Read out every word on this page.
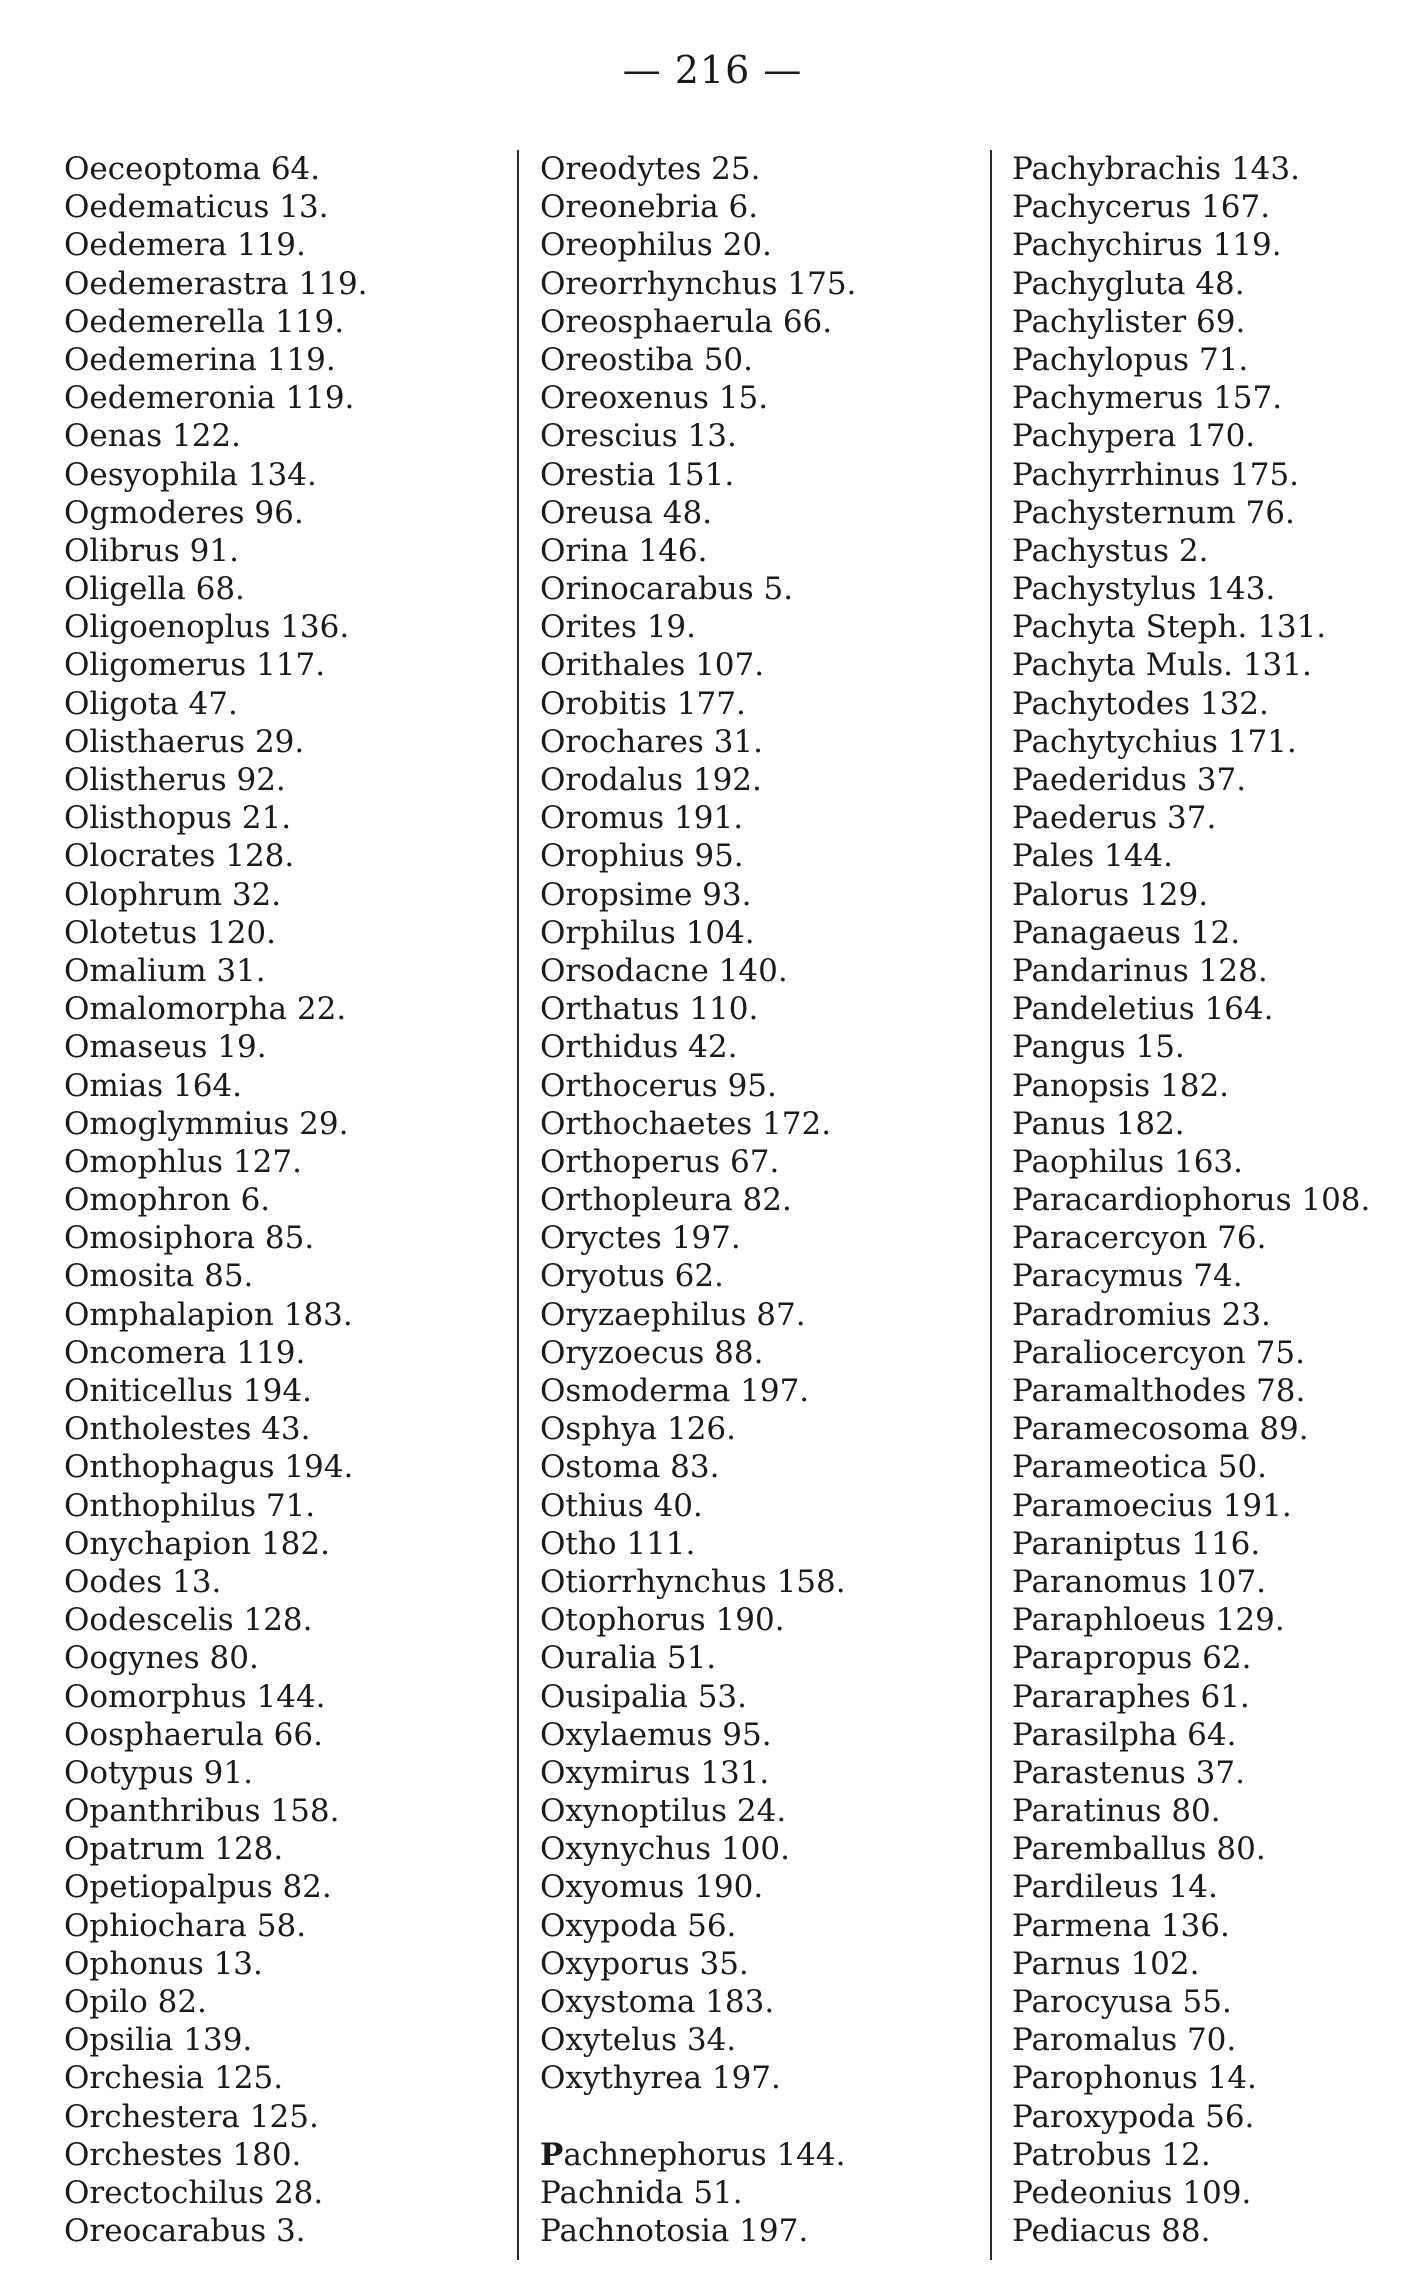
— 216 —
Oeceoptoma 64.
Oedematicus 13.
Oedemera 119.
Oedemerastra 119.
Oedemerella 119.
Oedemerina 119.
Oedemeronia 119.
Oenas 122.
Oesyophila 134.
Ogmoderes 96.
Olibrus 91.
Oligella 68.
Oligoenoplus 136.
Oligomerus 117.
Oligota 47.
Olisthaerus 29.
Olistherus 92.
Olisthopus 21.
Olocrates 128.
Olophrum 32.
Olotetus 120.
Omalium 31.
Omalomorpha 22.
Omaseus 19.
Omias 164.
Omoglymmius 29.
Omophlus 127.
Omophron 6.
Omosiphora 85.
Omosita 85.
Omphalapion 183.
Oncomera 119.
Oniticellus 194.
Ontholestes 43.
Onthophagus 194.
Onthophilus 71.
Onychapion 182.
Oodes 13.
Oodescelis 128.
Oogynes 80.
Oomorphus 144.
Oosphaerula 66.
Ootypus 91.
Opanthribus 158.
Opatrum 128.
Opetiopalpus 82.
Ophiochara 58.
Ophonus 13.
Opilo 82.
Opsilia 139.
Orchesia 125.
Orchestera 125.
Orchestes 180.
Orectochilus 28.
Oreocarabus 3.
Oreodytes 25.
Oreonebria 6.
Oreophilus 20.
Oreorrhynchus 175.
Oreosphaerula 66.
Oreostiba 50.
Oreoxenus 15.
Orescius 13.
Orestia 151.
Oreusa 48.
Orina 146.
Orinocarabus 5.
Orites 19.
Orithales 107.
Orobitis 177.
Orochares 31.
Orodalus 192.
Oromus 191.
Orophius 95.
Oropsime 93.
Orphilus 104.
Orsodacne 140.
Orthatus 110.
Orthidus 42.
Orthocerus 95.
Orthochaetes 172.
Orthoperus 67.
Orthopleura 82.
Oryctes 197.
Oryotus 62.
Oryzaephilus 87.
Oryzoecus 88.
Osmoderma 197.
Osphya 126.
Ostoma 83.
Othius 40.
Otho 111.
Otiorrhynchus 158.
Otophorus 190.
Ouralia 51.
Ousipalia 53.
Oxylaemus 95.
Oxymirus 131.
Oxynoptilus 24.
Oxynychus 100.
Oxyomus 190.
Oxypoda 56.
Oxyporus 35.
Oxystoma 183.
Oxytelus 34.
Oxythyrea 197.
Pachnephorus 144.
Pachnida 51.
Pachnotosia 197.
Pachybrachis 143.
Pachycerus 167.
Pachychirus 119.
Pachygluta 48.
Pachylister 69.
Pachylopus 71.
Pachymerus 157.
Pachypera 170.
Pachyrrhinus 175.
Pachysternum 76.
Pachystus 2.
Pachystylus 143.
Pachyta Steph. 131.
Pachyta Muls. 131.
Pachytodes 132.
Pachytychius 171.
Paederidus 37.
Paederus 37.
Pales 144.
Palorus 129.
Panagaeus 12.
Pandarinus 128.
Pandeletius 164.
Pangus 15.
Panopsis 182.
Panus 182.
Paophilus 163.
Paracardiophorus 108.
Paracercyon 76.
Paracymus 74.
Paradromius 23.
Paraliocercyon 75.
Paramalthodes 78.
Paramecosoma 89.
Parameotica 50.
Paramoecius 191.
Paraniptus 116.
Paranomus 107.
Paraphloeus 129.
Parapropus 62.
Pararaphes 61.
Parasilpha 64.
Parastenus 37.
Paratinus 80.
Paremballus 80.
Pardileus 14.
Parmena 136.
Parnus 102.
Parocyusa 55.
Paromalus 70.
Parophonus 14.
Paroxypoda 56.
Patrobus 12.
Pedeonius 109.
Pediacus 88.
